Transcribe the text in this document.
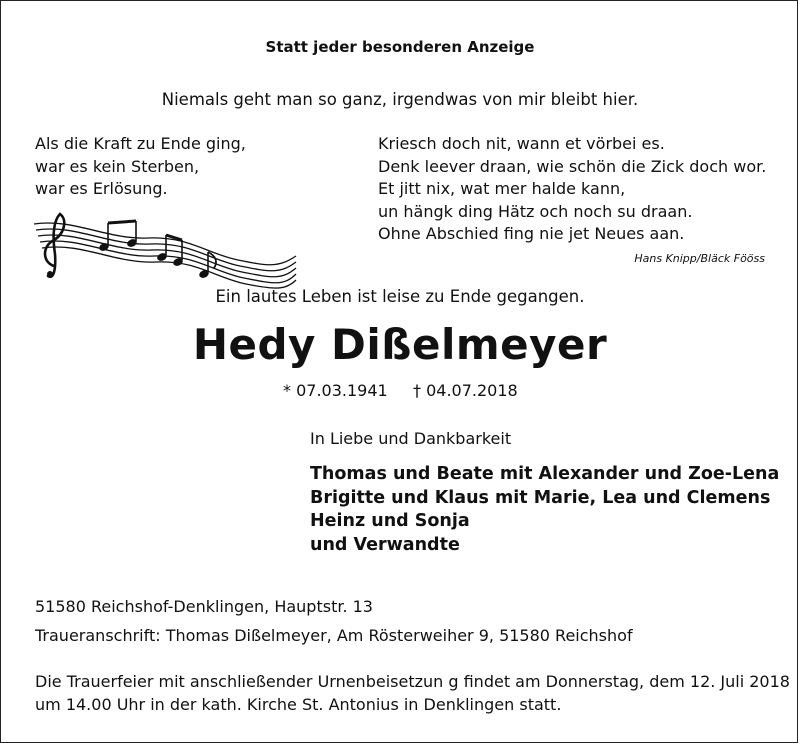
Statt jeder besonderen Anzeige
Niemals geht man so ganz, irgendwas von mir bleibt hier.
Als die Kraft zu Ende ging,
war es kein Sterben,
war es Erlösung.
Kriesch doch nit, wann et vörbei es.
Denk leever draan, wie schön die Zick doch wor.
Et jitt nix, wat mer halde kann,
un hängk ding Hätz och noch su draan.
Ohne Abschied fing nie jet Neues aan.
Hans Knipp/Bläck Fööss
Ein lautes Leben ist leise zu Ende gegangen.
Hedy Dißelmeyer
* 07.03.1941 † 04.07.2018
In Liebe und Dankbarkeit
Thomas und Beate mit Alexander und Zoe-Lena
Brigitte und Klaus mit Marie, Lea und Clemens
Heinz und Sonja
und Verwandte
51580 Reichshof-Denklingen, Hauptstr. 13
Traueranschrift: Thomas Dißelmeyer, Am Rösterweiher 9, 51580 Reichshof
Die Trauerfeier mit anschließender Urnenbeisetzun g findet am Donnerstag, dem 12. Juli 2018
um 14.00 Uhr in der kath. Kirche St. Antonius in Denklingen statt.
